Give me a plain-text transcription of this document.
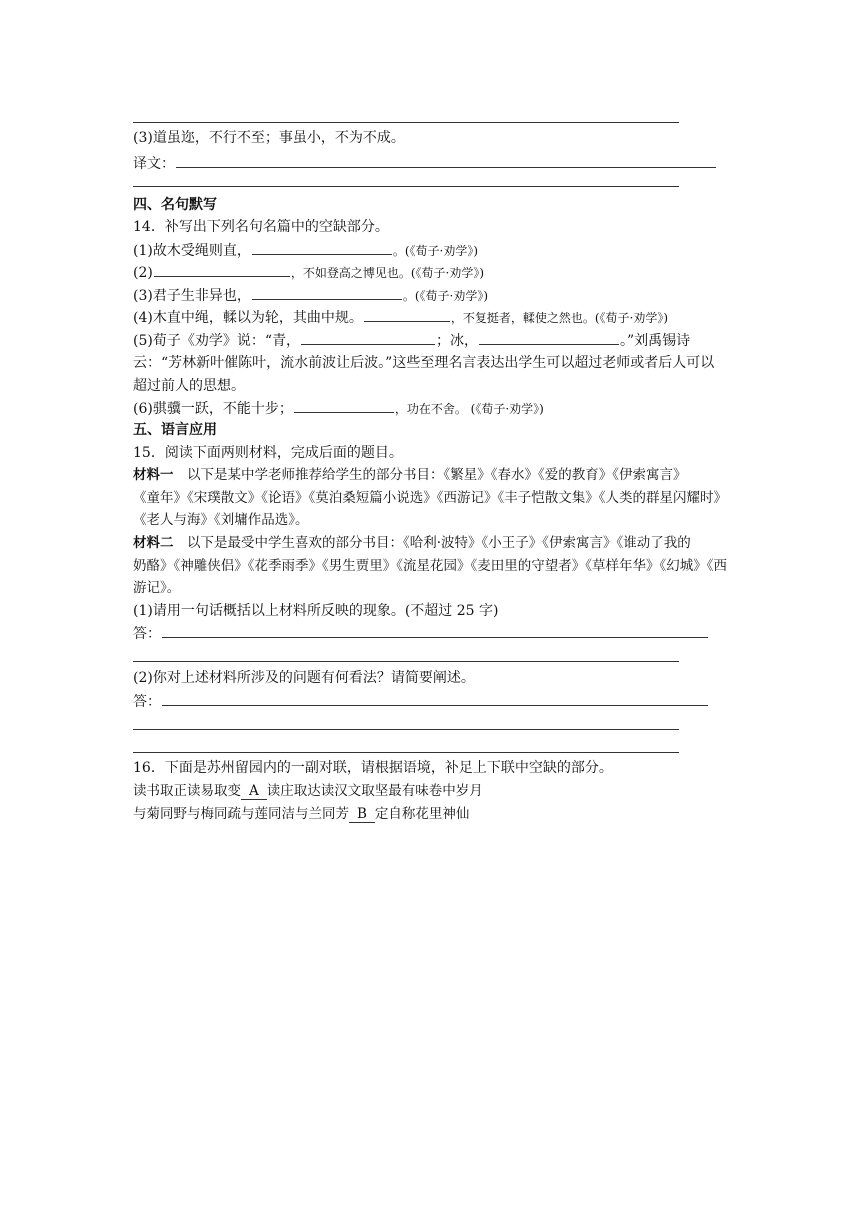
(3)道虽迩，不行不至；事虽小，不为不成。
译文：
四、名句默写
14．补写出下列名句名篇中的空缺部分。
(1)故木受绳则直，	。(《荀子·劝学》)
(2)	，不如登高之博见也。(《荀子·劝学》)
(3)君子生非异也，	。(《荀子·劝学》)
(4)木直中绳，輮以为轮，其曲中规。	，不复挺者，輮使之然也。(《荀子·劝学》)
(5)荀子《劝学》说：“青，	；冰，	。”刘禹锡诗
云：“芳林新叶催陈叶，流水前波让后波。”这些至理名言表达出学生可以超过老师或者后人可以
超过前人的思想。
(6)骐骥一跃，不能十步；	，功在不舍。 (《荀子·劝学》)
五、语言应用
15．阅读下面两则材料，完成后面的题目。
材料一　以下是某中学老师推荐给学生的部分书目：《繁星》《春水》《爱的教育》《伊索寓言》
《童年》《宋璞散文》《论语》《莫泊桑短篇小说选》《西游记》《丰子恺散文集》《人类的群星闪耀时》
《老人与海》《刘墉作品选》。
材料二　以下是最受中学生喜欢的部分书目：《哈利·波特》《小王子》《伊索寓言》《谁动了我的
奶酪》《神雕侠侣》《花季雨季》《男生贾里》《流星花园》《麦田里的守望者》《草样年华》《幻城》《西
游记》。
(1)请用一句话概括以上材料所反映的现象。(不超过 25 字)
答：
(2)你对上述材料所涉及的问题有何看法？请简要阐述。
答：
16．下面是苏州留园内的一副对联，请根据语境，补足上下联中空缺的部分。
读书取正读易取变 A 读庄取达读汉文取坚最有味卷中岁月
与菊同野与梅同疏与莲同洁与兰同芳 B 定自称花里神仙
